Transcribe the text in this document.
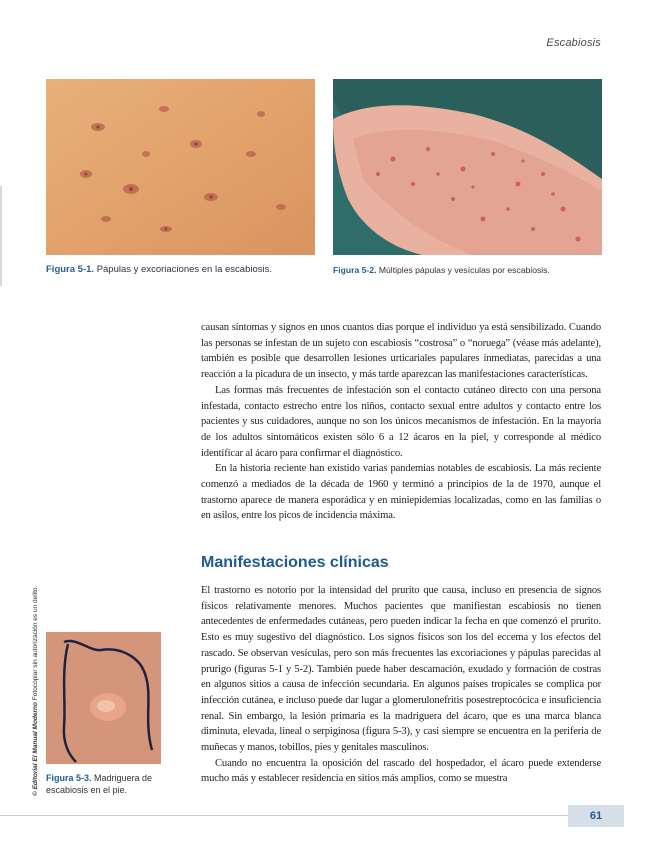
Escabiosis
Figura 5-1. Pápulas y excoriaciones en la escabiosis.	Figura 5-2. Múltiples pápulas y vesículas por escabiosis.
Figura 5-3. Madriguera de escabiosis en el pie.
© Editorial El Manual Moderno Fotocopiar sin autorización es un delito.

causan síntomas y signos en unos cuantos días porque el individuo ya está sensibilizado. Cuando las personas se infestan de un sujeto con escabiosis “costrosa” o “noruega” (véase más adelante), también es posible que desarrollen lesiones urticariales papulares inmediatas, parecidas a una reacción a la picadura de un insecto, y más tarde aparezcan las manifestaciones características.

Las formas más frecuentes de infestación son el contacto cutáneo directo con una persona infestada, contacto estrecho entre los niños, contacto sexual entre adultos y contacto entre los pacientes y sus cuidadores, aunque no son los únicos mecanismos de infestación. En la mayoría de los adultos sintomáticos existen sólo 6 a 12 ácaros en la piel, y corresponde al médico identificar al ácaro para confirmar el diagnóstico.

En la historia reciente han existido varias pandemias notables de escabiosis. La más reciente comenzó a mediados de la década de 1960 y terminó a principios de la de 1970, aunque el trastorno aparece de manera esporádica y en miniepidemias localizadas, como en las familias o en asilos, entre los picos de incidencia máxima.

Manifestaciones clínicas

El trastorno es notorio por la intensidad del prurito que causa, incluso en presencia de signos físicos relativamente menores. Muchos pacientes que manifiestan escabiosis no tienen antecedentes de enfermedades cutáneas, pero pueden indicar la fecha en que comenzó el prurito. Esto es muy sugestivo del diagnóstico. Los signos físicos son los del eccema y los efectos del rascado. Se observan vesículas, pero son más frecuentes las excoriaciones y pápulas parecidas al prurigo (figuras 5-1 y 5-2). También puede haber descamación, exudado y formación de costras en algunos sitios a causa de infección secundaria. En algunos países tropicales se complica por infección cutánea, e incluso puede dar lugar a glomerulonefritis posestreptocócica e insuficiencia renal. Sin embargo, la lesión primaria es la madriguera del ácaro, que es una marca blanca diminuta, elevada, lineal o serpiginosa (figura 5-3), y casi siempre se encuentra en la periferia de muñecas y manos, tobillos, pies y genitales masculinos.

Cuando no encuentra la oposición del rascado del hospedador, el ácaro puede extenderse mucho más y establecer residencia en sitios más amplios, como se muestra

61
